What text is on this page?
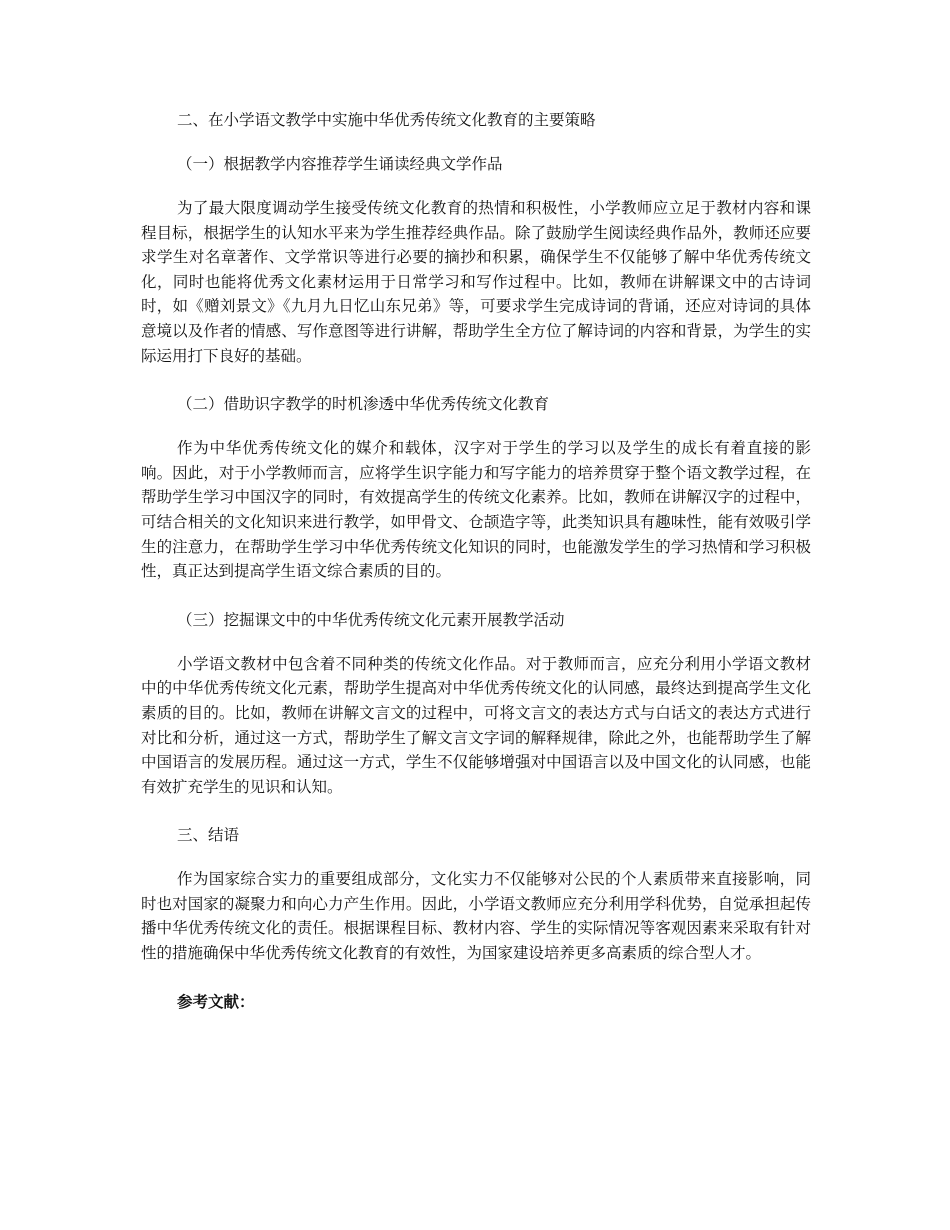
二、在小学语文教学中实施中华优秀传统文化教育的主要策略

（一）根据教学内容推荐学生诵读经典文学作品

为了最大限度调动学生接受传统文化教育的热情和积极性，小学教师应立足于教材内容和课程目标，根据学生的认知水平来为学生推荐经典作品。除了鼓励学生阅读经典作品外，教师还应要求学生对名章著作、文学常识等进行必要的摘抄和积累，确保学生不仅能够了解中华优秀传统文化，同时也能将优秀文化素材运用于日常学习和写作过程中。比如，教师在讲解课文中的古诗词时，如《赠刘景文》《九月九日忆山东兄弟》等，可要求学生完成诗词的背诵，还应对诗词的具体意境以及作者的情感、写作意图等进行讲解，帮助学生全方位了解诗词的内容和背景，为学生的实际运用打下良好的基础。

（二）借助识字教学的时机渗透中华优秀传统文化教育

作为中华优秀传统文化的媒介和载体，汉字对于学生的学习以及学生的成长有着直接的影响。因此，对于小学教师而言，应将学生识字能力和写字能力的培养贯穿于整个语文教学过程，在帮助学生学习中国汉字的同时，有效提高学生的传统文化素养。比如，教师在讲解汉字的过程中，可结合相关的文化知识来进行教学，如甲骨文、仓颉造字等，此类知识具有趣味性，能有效吸引学生的注意力，在帮助学生学习中华优秀传统文化知识的同时，也能激发学生的学习热情和学习积极性，真正达到提高学生语文综合素质的目的。

（三）挖掘课文中的中华优秀传统文化元素开展教学活动

小学语文教材中包含着不同种类的传统文化作品。对于教师而言，应充分利用小学语文教材中的中华优秀传统文化元素，帮助学生提高对中华优秀传统文化的认同感，最终达到提高学生文化素质的目的。比如，教师在讲解文言文的过程中，可将文言文的表达方式与白话文的表达方式进行对比和分析，通过这一方式，帮助学生了解文言文字词的解释规律，除此之外，也能帮助学生了解中国语言的发展历程。通过这一方式，学生不仅能够增强对中国语言以及中国文化的认同感，也能有效扩充学生的见识和认知。

三、结语

作为国家综合实力的重要组成部分，文化实力不仅能够对公民的个人素质带来直接影响，同时也对国家的凝聚力和向心力产生作用。因此，小学语文教师应充分利用学科优势，自觉承担起传播中华优秀传统文化的责任。根据课程目标、教材内容、学生的实际情况等客观因素来采取有针对性的措施确保中华优秀传统文化教育的有效性，为国家建设培养更多高素质的综合型人才。

参考文献：
